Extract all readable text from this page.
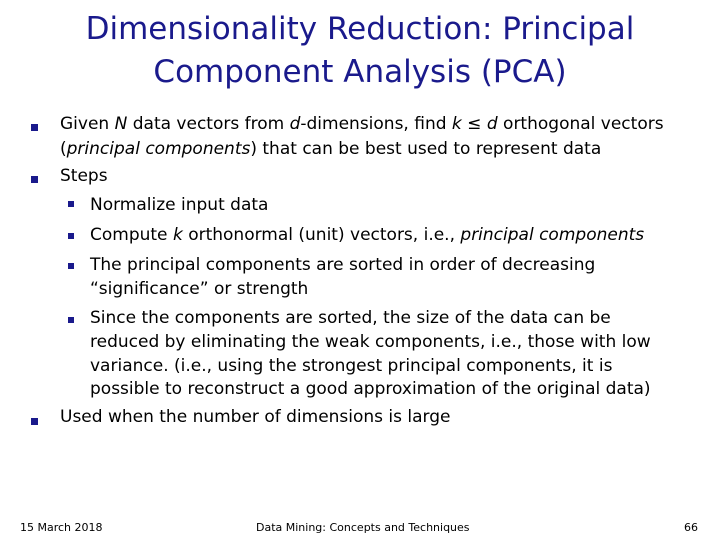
Dimensionality Reduction: Principal
Component Analysis (PCA)
Given N data vectors from d-dimensions, find k ≤ d orthogonal vectors
(principal components) that can be best used to represent data
Steps
Normalize input data
Compute k orthonormal (unit) vectors, i.e., principal components
The principal components are sorted in order of decreasing
“significance” or strength
Since the components are sorted, the size of the data can be
reduced by eliminating the weak components, i.e., those with low
variance. (i.e., using the strongest principal components, it is
possible to reconstruct a good approximation of the original data)
Used when the number of dimensions is large
15 March 2018	Data Mining: Concepts and Techniques	66
